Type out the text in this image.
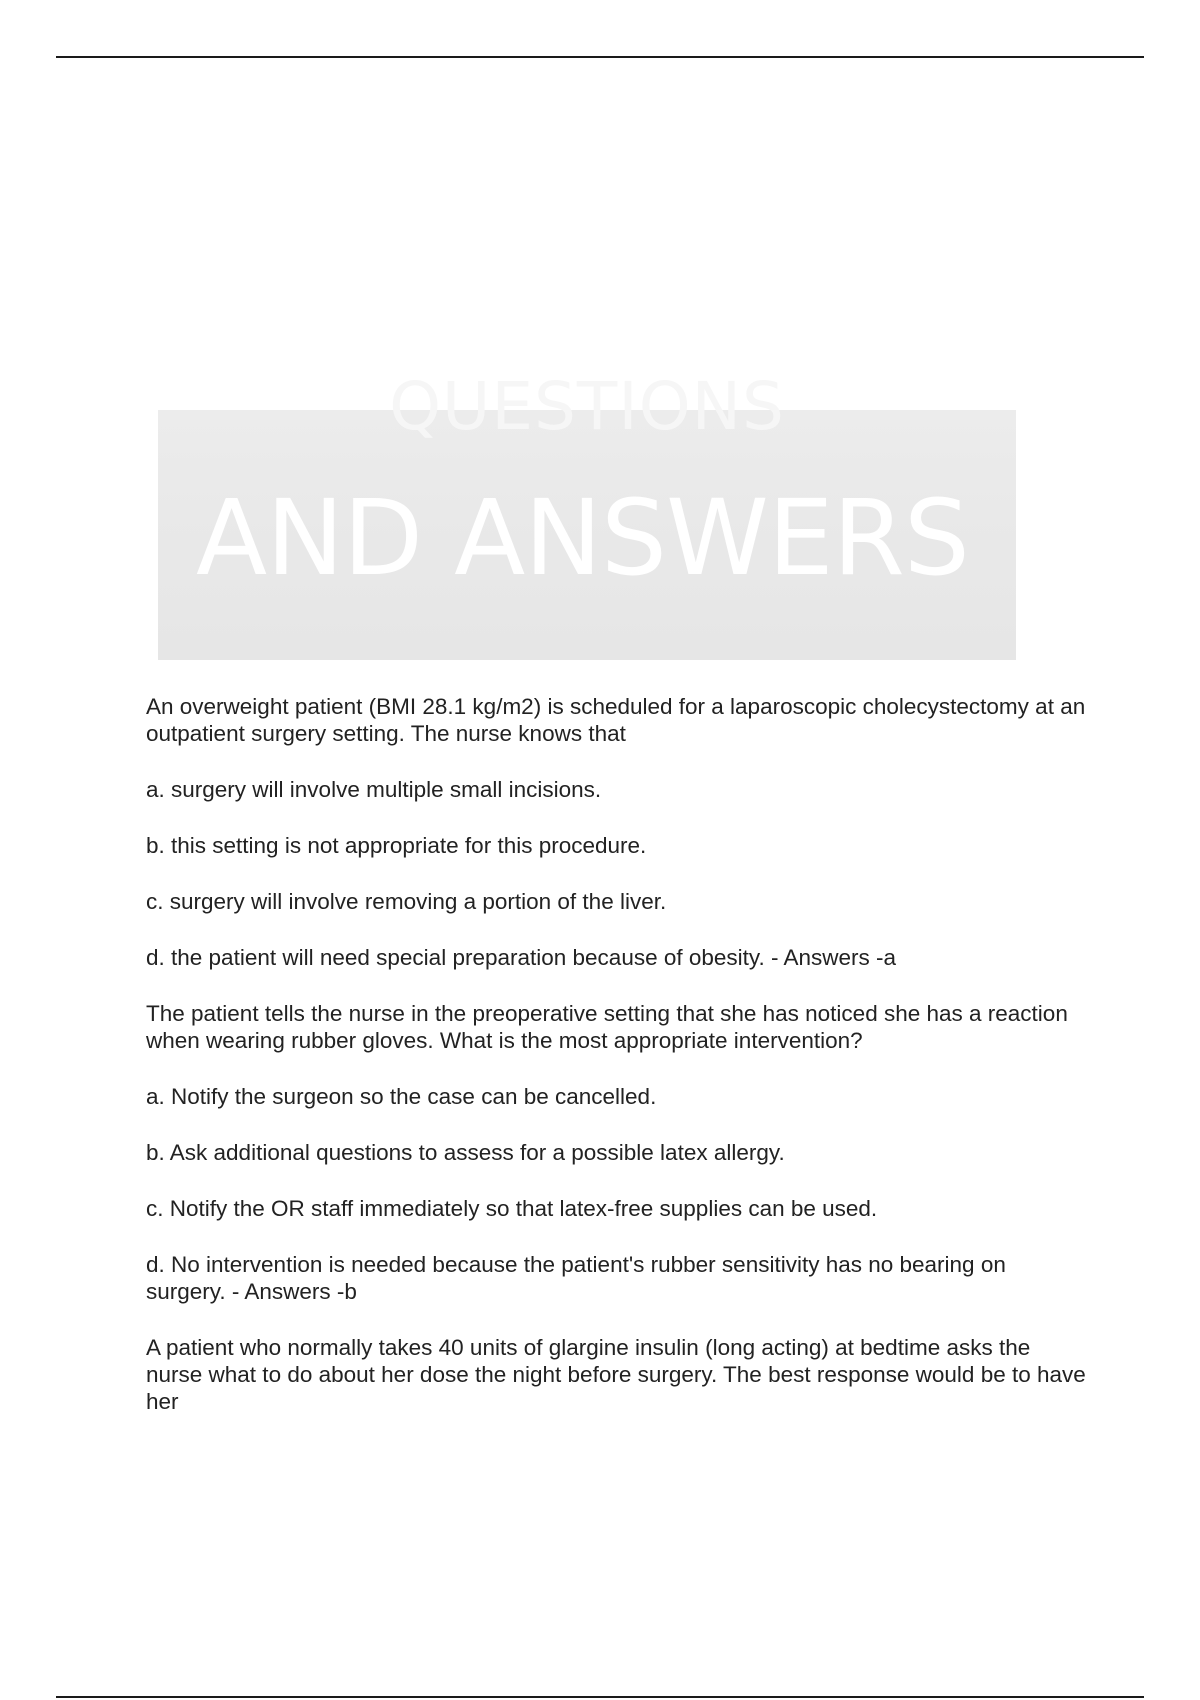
QUESTIONS
AND ANSWERS

An overweight patient (BMI 28.1 kg/m2) is scheduled for a laparoscopic cholecystectomy at an outpatient surgery setting. The nurse knows that

a. surgery will involve multiple small incisions.

b. this setting is not appropriate for this procedure.

c. surgery will involve removing a portion of the liver.

d. the patient will need special preparation because of obesity. - Answers -a

The patient tells the nurse in the preoperative setting that she has noticed she has a reaction when wearing rubber gloves. What is the most appropriate intervention?

a. Notify the surgeon so the case can be cancelled.

b. Ask additional questions to assess for a possible latex allergy.

c. Notify the OR staff immediately so that latex-free supplies can be used.

d. No intervention is needed because the patient's rubber sensitivity has no bearing on surgery. - Answers -b

A patient who normally takes 40 units of glargine insulin (long acting) at bedtime asks the nurse what to do about her dose the night before surgery. The best response would be to have her
